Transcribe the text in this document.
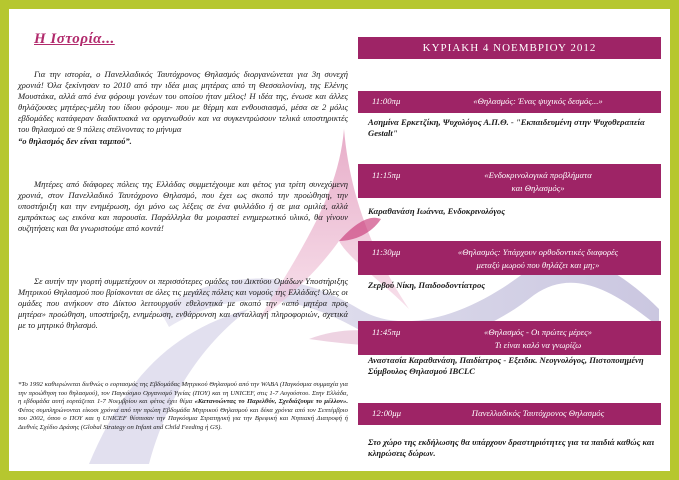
Η Ιστορία...

Για την ιστορία, ο Πανελλαδικός Ταυτόχρονος Θηλασμός διοργανώνεται για 3η συνεχή χρονιά! Όλα ξεκίνησαν το 2010 από την ιδέα μιας μητέρας από τη Θεσσαλονίκη, της Ελένης Μουστάκα, αλλά από ένα φόρουμ γονέων του οποίου ήταν μέλος! Η ιδέα της, ένωσε και άλλες θηλάζουσες μητέρες-μέλη του ίδιου φόρουμ- που με θέρμη και ενθουσιασμό, μέσα σε 2 μόλις εβδομάδες κατάφεραν διαδικτυακά να οργανωθούν και να συγκεντρώσουν τελικά υποστηρικτές του θηλασμού σε 9 πόλεις στέλνοντας το μήνυμα
“ο θηλασμός δεν είναι ταμπού”.

Μητέρες από διάφορες πόλεις της Ελλάδας συμμετέχουμε και φέτος για τρίτη συνεχόμενη χρονιά, στον Πανελλαδικό Ταυτόχρονο Θηλασμό, που έχει ως σκοπό την προώθηση, την υποστήριξη και την ενημέρωση, όχι μόνο ως λέξεις σε ένα φυλλάδιο ή σε μια ομιλία, αλλά εμπράκτως ως εικόνα και παρουσία. Παράλληλα θα μοιραστεί ενημερωτικό υλικό, θα γίνουν συζητήσεις και θα γνωριστούμε από κοντά!

Σε αυτήν την γιορτή συμμετέχουν οι περισσότερες ομάδες του Δικτύου Ομάδων Υποστήριξης Μητρικού Θηλασμού που βρίσκονται σε όλες τις μεγάλες πόλεις και νομούς της Ελλάδας! Όλες οι ομάδες που ανήκουν στο Δίκτυο λειτουργούν εθελοντικά με σκοπό την «από μητέρα προς μητέρα» προώθηση, υποστήριξη, ενημέρωση, ενθάρρυνση και ανταλλαγή πληροφοριών, σχετικά με το μητρικό θηλασμό.

*Το 1992 καθιερώνεται διεθνώς ο εορτασμός της Εβδομάδας Μητρικού Θηλασμού από την WABA (Παγκόσμια συμμαχία για την προώθηση του θηλασμού), τον Παγκόσμιο Οργανισμό Υγείας (ΠΟΥ) και τη UNICEF, στις 1-7 Αυγούστου. Στην Ελλάδα, η εβδομάδα αυτή εορτάζεται 1-7 Νοεμβρίου και φέτος έχει θέμα «Κατανοώντας το Παρελθόν, Σχεδιάζουμε το μέλλον». Φέτος συμπληρώνονται είκοσι χρόνια από την πρώτη Εβδομάδα Μητρικού Θηλασμού και δέκα χρόνια από τον Σεπτέμβριο του 2002, όπου ο ΠΟΥ και η UNICEF θέσπισαν την Παγκόσμια Στρατηγική για την Βρεφική και Νηπιακή Διατροφή ή Διεθνές Σχέδιο Δράσης (Global Strategy on Infant and Child Feeding ή GS).
ΚΥΡΙΑΚΗ 4 ΝΟΕΜΒΡΙΟΥ 2012
11:00πμ	«Θηλασμός: Ένας ψυχικός δεσμός...»
Ασημίνα Ερκετζίκη, Ψυχολόγος Α.Π.Θ. - "Εκπαιδευμένη στην Ψυχοθεραπεία Gestalt"
11:15πμ	«Ενδοκρινολογικά προβλήματα
και Θηλασμός»
Καραθανάση Ιωάννα, Ενδοκρινολόγος
11:30μμ	«Θηλασμός: Υπάρχουν ορθοδοντικές διαφορές
μεταξύ μωρού που θηλάζει και μη;»
Ζερβού Νίκη, Παιδοοδοντίατρος
11:45πμ	«Θηλασμός - Οι πρώτες μέρες»
Τι είναι καλό να γνωρίζω
Αναστασία Καραθανάση, Παιδίατρος - Εξειδικ. Νεογνολόγος, Πιστοποιημένη Σύμβουλος Θηλασμού IBCLC
12:00μμ	Πανελλαδικός Ταυτόχρονος Θηλασμός
Στο χώρο της εκδήλωσης θα υπάρχουν δραστηριότητες για τα παιδιά καθώς και κληρώσεις δώρων.
